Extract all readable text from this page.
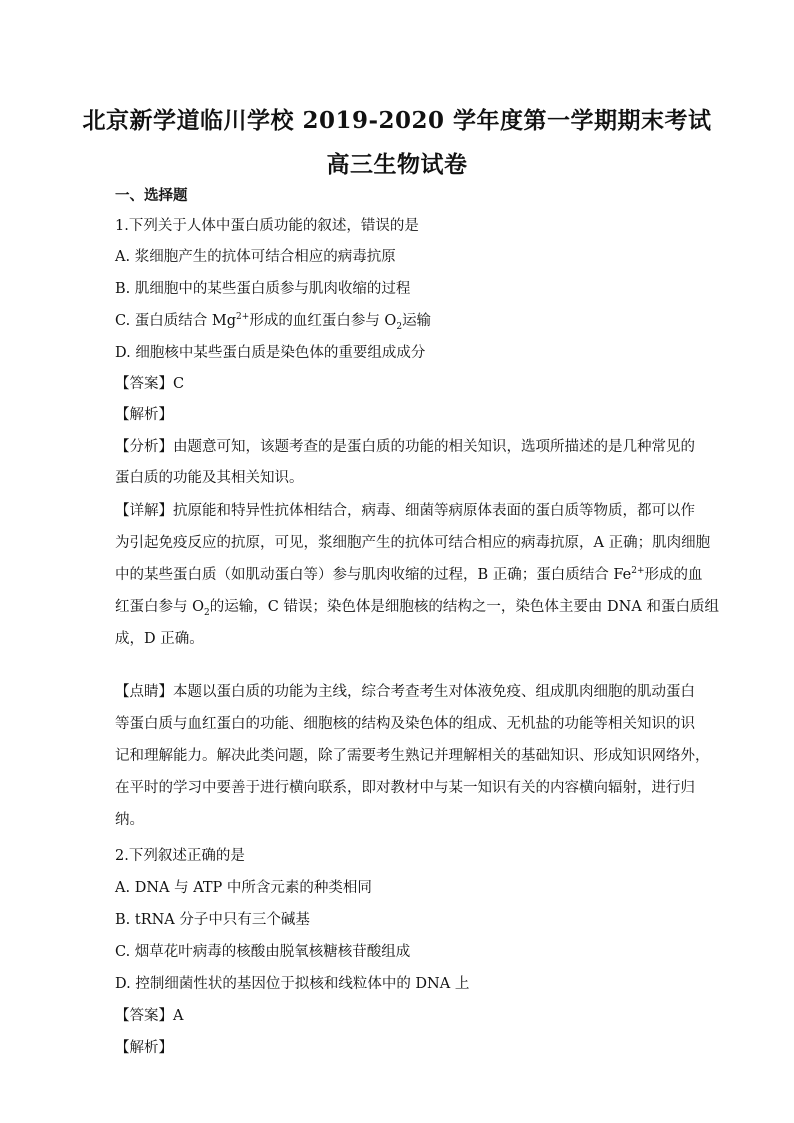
北京新学道临川学校 2019-2020 学年度第一学期期末考试
高三生物试卷
一、选择题
1.下列关于人体中蛋白质功能的叙述，错误的是
A. 浆细胞产生的抗体可结合相应的病毒抗原
B. 肌细胞中的某些蛋白质参与肌肉收缩的过程
C. 蛋白质结合 $Mg^{2+}$形成的血红蛋白参与 $O_2$运输
D. 细胞核中某些蛋白质是染色体的重要组成成分
【答案】C
【解析】
【分析】由题意可知，该题考查的是蛋白质的功能的相关知识，选项所描述的是几种常见的
蛋白质的功能及其相关知识。
【详解】抗原能和特异性抗体相结合，病毒、细菌等病原体表面的蛋白质等物质，都可以作
为引起免疫反应的抗原，可见，浆细胞产生的抗体可结合相应的病毒抗原，A 正确；肌肉细胞
中的某些蛋白质（如肌动蛋白等）参与肌肉收缩的过程，B 正确；蛋白质结合 $Fe^{2+}$形成的血
红蛋白参与 $O_2$的运输，C 错误；染色体是细胞核的结构之一，染色体主要由 DNA 和蛋白质组
成，D 正确。
【点睛】本题以蛋白质的功能为主线，综合考查考生对体液免疫、组成肌肉细胞的肌动蛋白
等蛋白质与血红蛋白的功能、细胞核的结构及染色体的组成、无机盐的功能等相关知识的识
记和理解能力。解决此类问题，除了需要考生熟记并理解相关的基础知识、形成知识网络外，
在平时的学习中要善于进行横向联系，即对教材中与某一知识有关的内容横向辐射，进行归
纳。
2.下列叙述正确的是
A. DNA 与 ATP 中所含元素的种类相同
B. tRNA 分子中只有三个碱基
C. 烟草花叶病毒的核酸由脱氧核糖核苷酸组成
D. 控制细菌性状的基因位于拟核和线粒体中的 DNA 上
【答案】A
【解析】
